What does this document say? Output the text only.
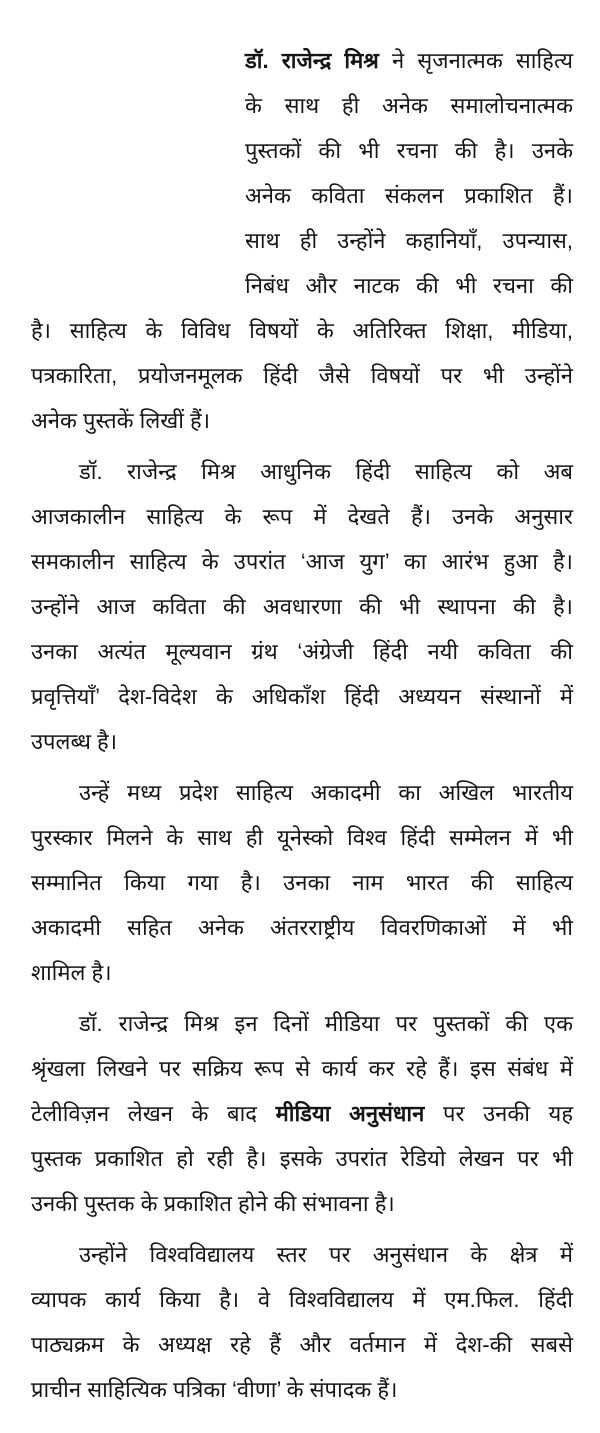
डॉ. राजेन्द्र मिश्र ने सृजनात्मक साहित्य
के साथ ही अनेक समालोचनात्मक
पुस्तकों की भी रचना की है। उनके
अनेक कविता संकलन प्रकाशित हैं।
साथ ही उन्होंने कहानियाँ, उपन्यास,
निबंध और नाटक की भी रचना की
है। साहित्य के विविध विषयों के अतिरिक्त शिक्षा, मीडिया,
पत्रकारिता, प्रयोजनमूलक हिंदी जैसे विषयों पर भी उन्होंने
अनेक पुस्तकें लिखीं हैं।
डॉ. राजेन्द्र मिश्र आधुनिक हिंदी साहित्य को अब
आजकालीन साहित्य के रूप में देखते हैं। उनके अनुसार
समकालीन साहित्य के उपरांत ‘आज युग’ का आरंभ हुआ है।
उन्होंने आज कविता की अवधारणा की भी स्थापना की है।
उनका अत्यंत मूल्यवान ग्रंथ ‘अंग्रेजी हिंदी नयी कविता की
प्रवृत्तियाँ’ देश-विदेश के अधिकाँश हिंदी अध्ययन संस्थानों में
उपलब्ध है।
उन्हें मध्य प्रदेश साहित्य अकादमी का अखिल भारतीय
पुरस्कार मिलने के साथ ही यूनेस्को विश्व हिंदी सम्मेलन में भी
सम्मानित किया गया है। उनका नाम भारत की साहित्य
अकादमी सहित अनेक अंतरराष्ट्रीय विवरणिकाओं में भी
शामिल है।
डॉ. राजेन्द्र मिश्र इन दिनों मीडिया पर पुस्तकों की एक
श्रृंखला लिखने पर सक्रिय रूप से कार्य कर रहे हैं। इस संबंध में
टेलीविज़न लेखन के बाद मीडिया अनुसंधान पर उनकी यह
पुस्तक प्रकाशित हो रही है। इसके उपरांत रेडियो लेखन पर भी
उनकी पुस्तक के प्रकाशित होने की संभावना है।
उन्होंने विश्वविद्यालय स्तर पर अनुसंधान के क्षेत्र में
व्यापक कार्य किया है। वे विश्वविद्यालय में एम.फिल. हिंदी
पाठ्यक्रम के अध्यक्ष रहे हैं और वर्तमान में देश-की सबसे
प्राचीन साहित्यिक पत्रिका ‘वीणा’ के संपादक हैं।
